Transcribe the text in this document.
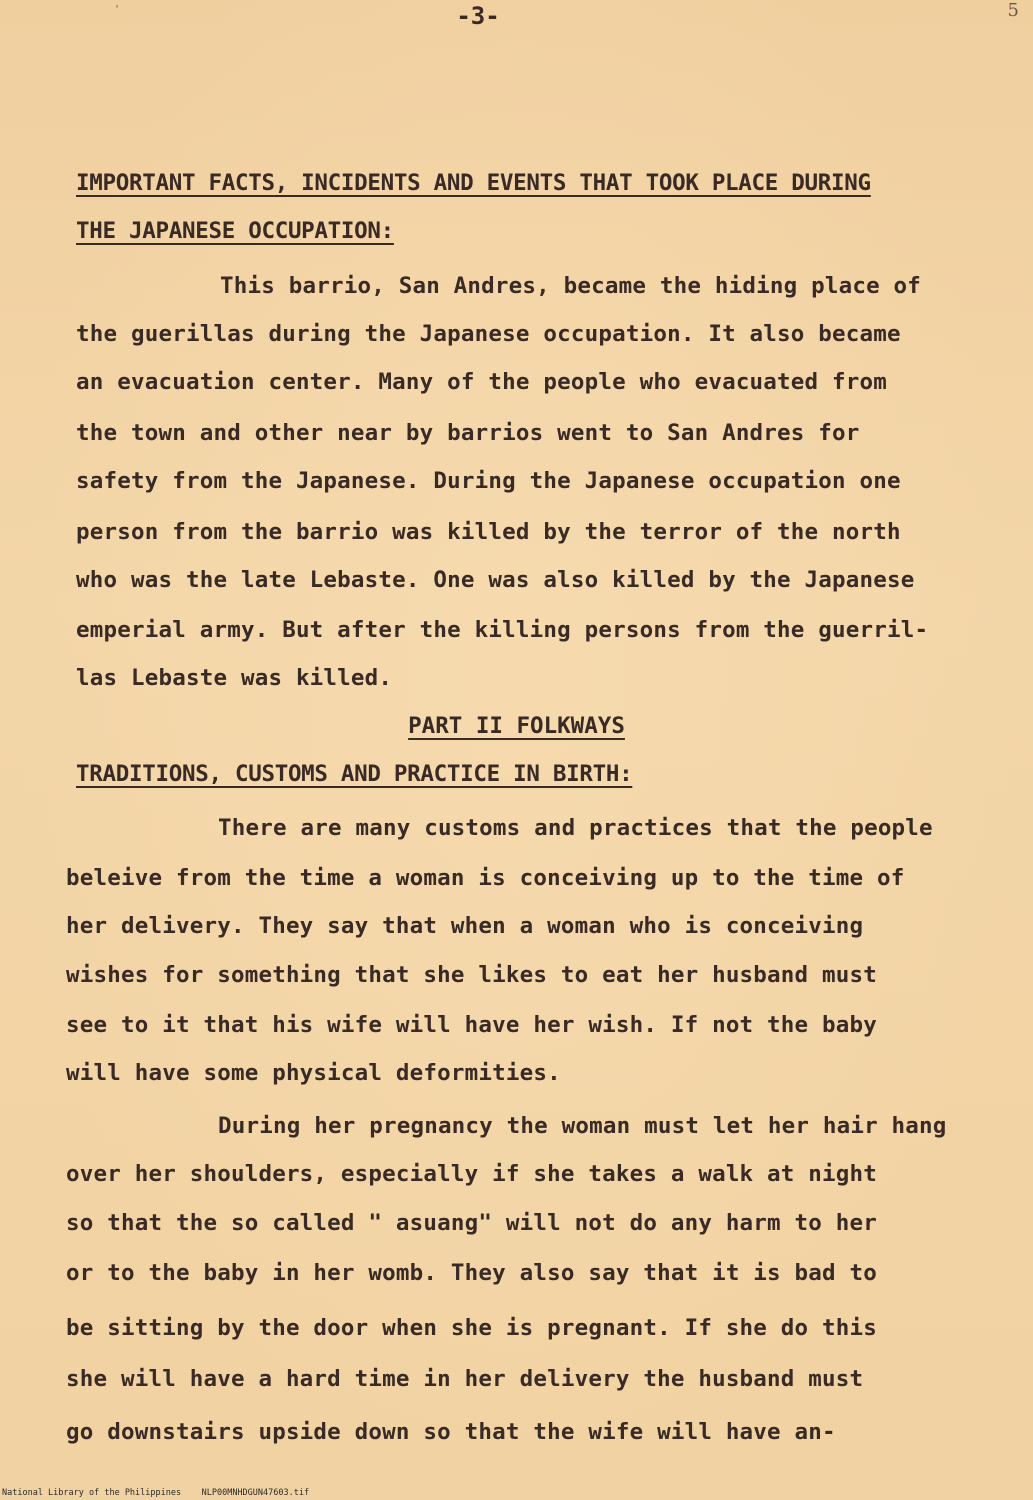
'	-3-	5
IMPORTANT FACTS, INCIDENTS AND EVENTS THAT TOOK PLACE DURING
THE JAPANESE OCCUPATION:
This barrio, San Andres, became the hiding place of
the guerillas during the Japanese occupation. It also became
an evacuation center. Many of the people who evacuated from
the town and other near by barrios went to San Andres for
safety from the Japanese. During the Japanese occupation one
person from the barrio was killed by the terror of the north
who was the late Lebaste. One was also killed by the Japanese
emperial army. But after the killing persons from the guerril-
las Lebaste was killed.
PART II FOLKWAYS
TRADITIONS, CUSTOMS AND PRACTICE IN BIRTH:
There are many customs and practices that the people
beleive from the time a woman is conceiving up to the time of
her delivery. They say that when a woman who is conceiving
wishes for something that she likes to eat her husband must
see to it that his wife will have her wish. If not the baby
will have some physical deformities.
During her pregnancy the woman must let her hair hang
over her shoulders, especially if she takes a walk at night
so that the so called " asuang" will not do any harm to her
or to the baby in her womb. They also say that it is bad to
be sitting by the door when she is pregnant. If she do this
she will have a hard time in her delivery the husband must
go downstairs upside down so that the wife will have an-
National Library of the Philippines NLP00MNHDGUN47603.tif
